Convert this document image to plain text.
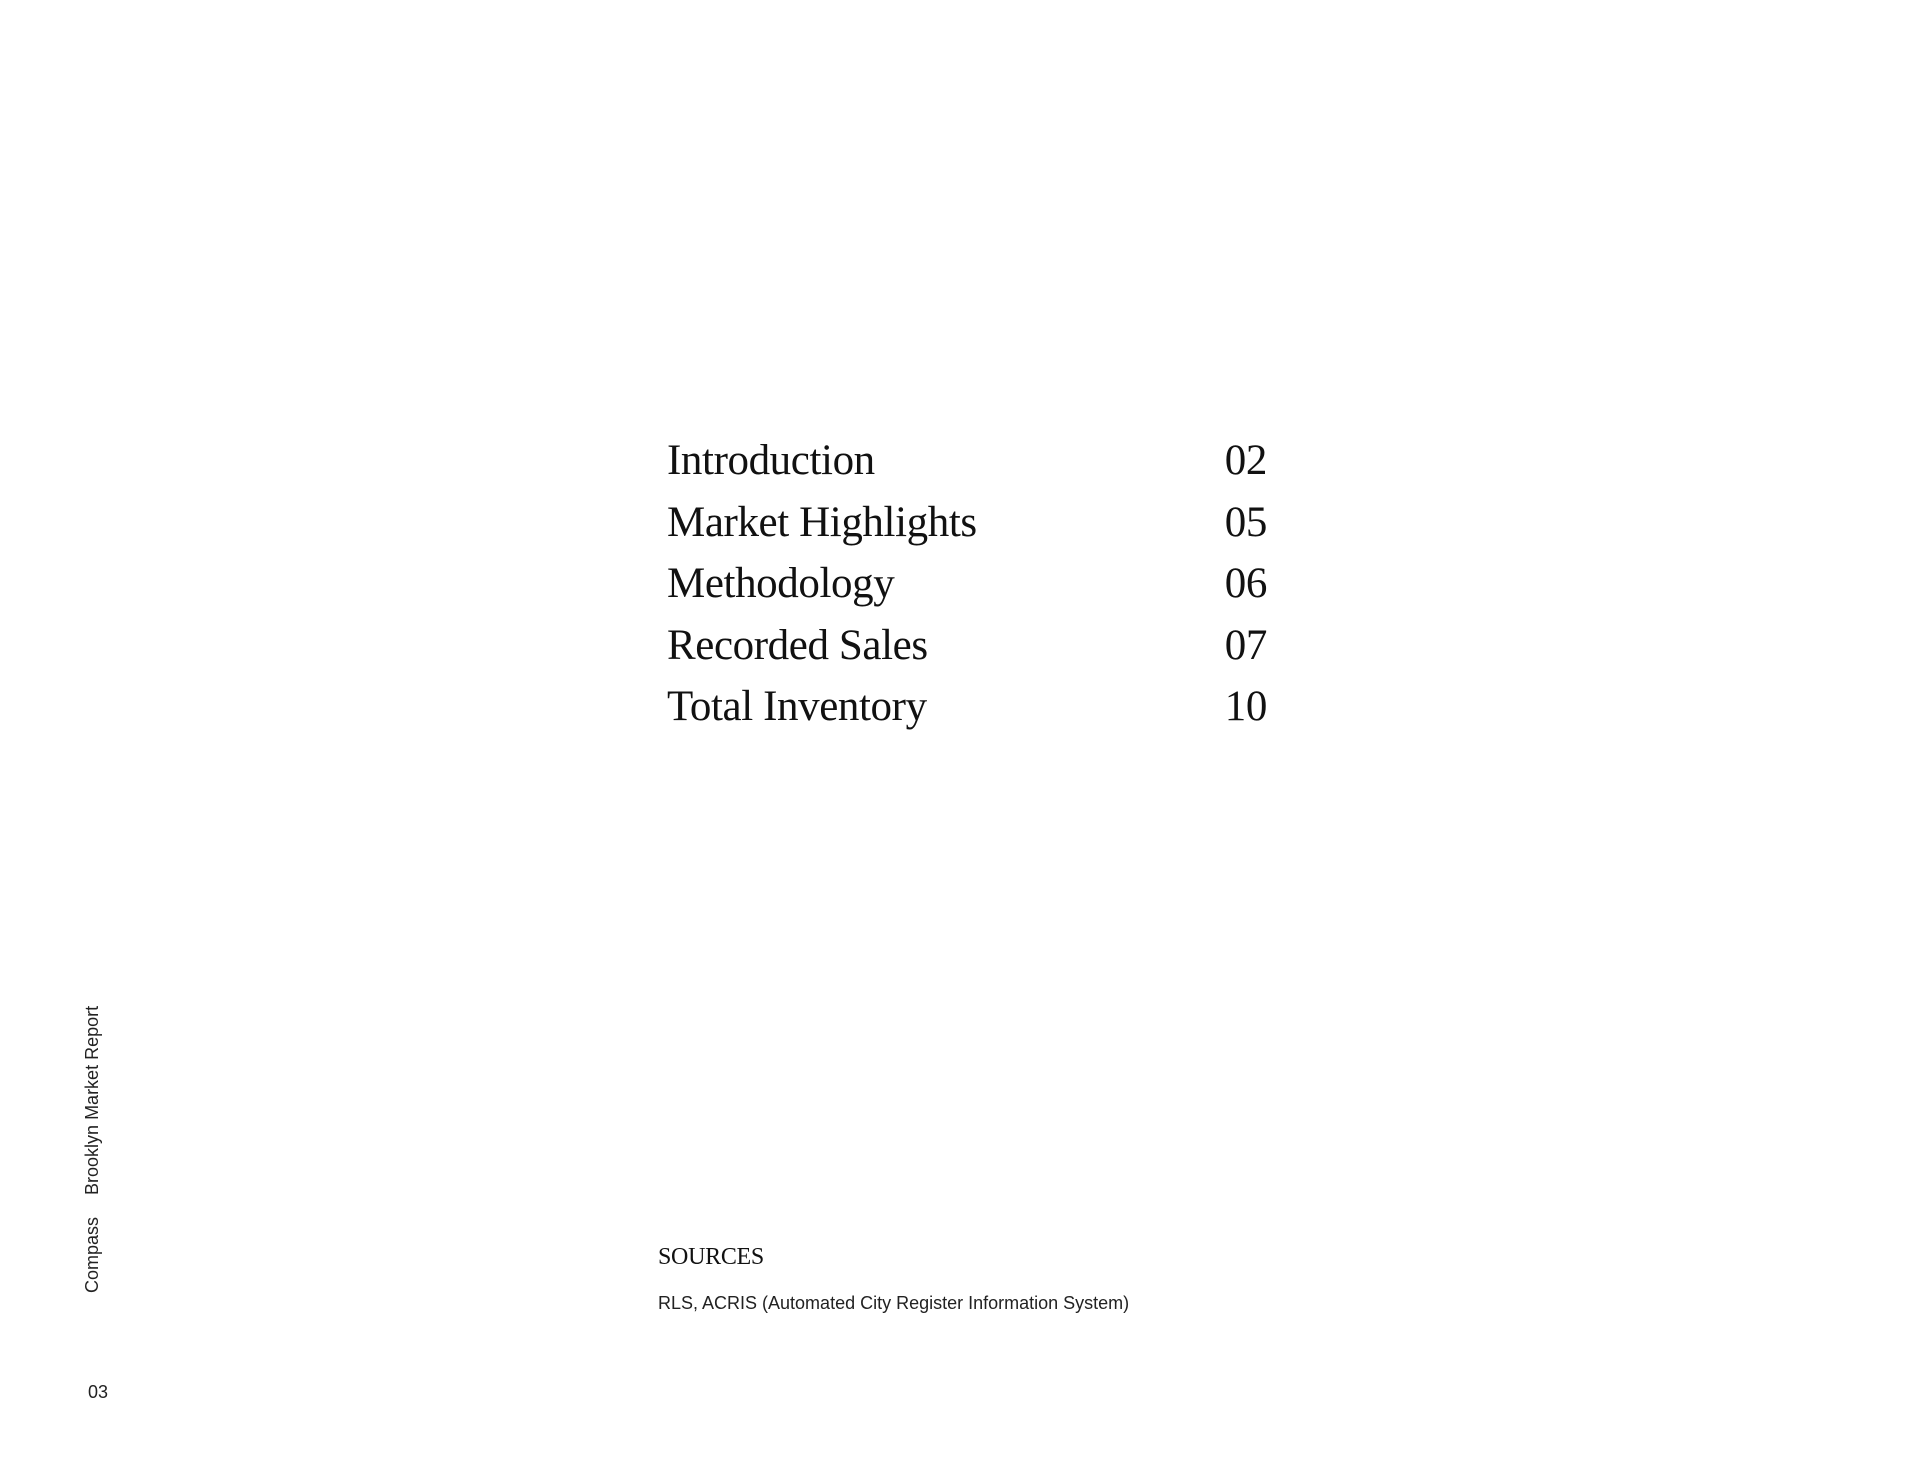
Introduction	02
Market Highlights	05
Methodology	06
Recorded Sales	07
Total Inventory	10
CompassBrooklyn Market Report
03
SOURCES
RLS, ACRIS (Automated City Register Information System)
